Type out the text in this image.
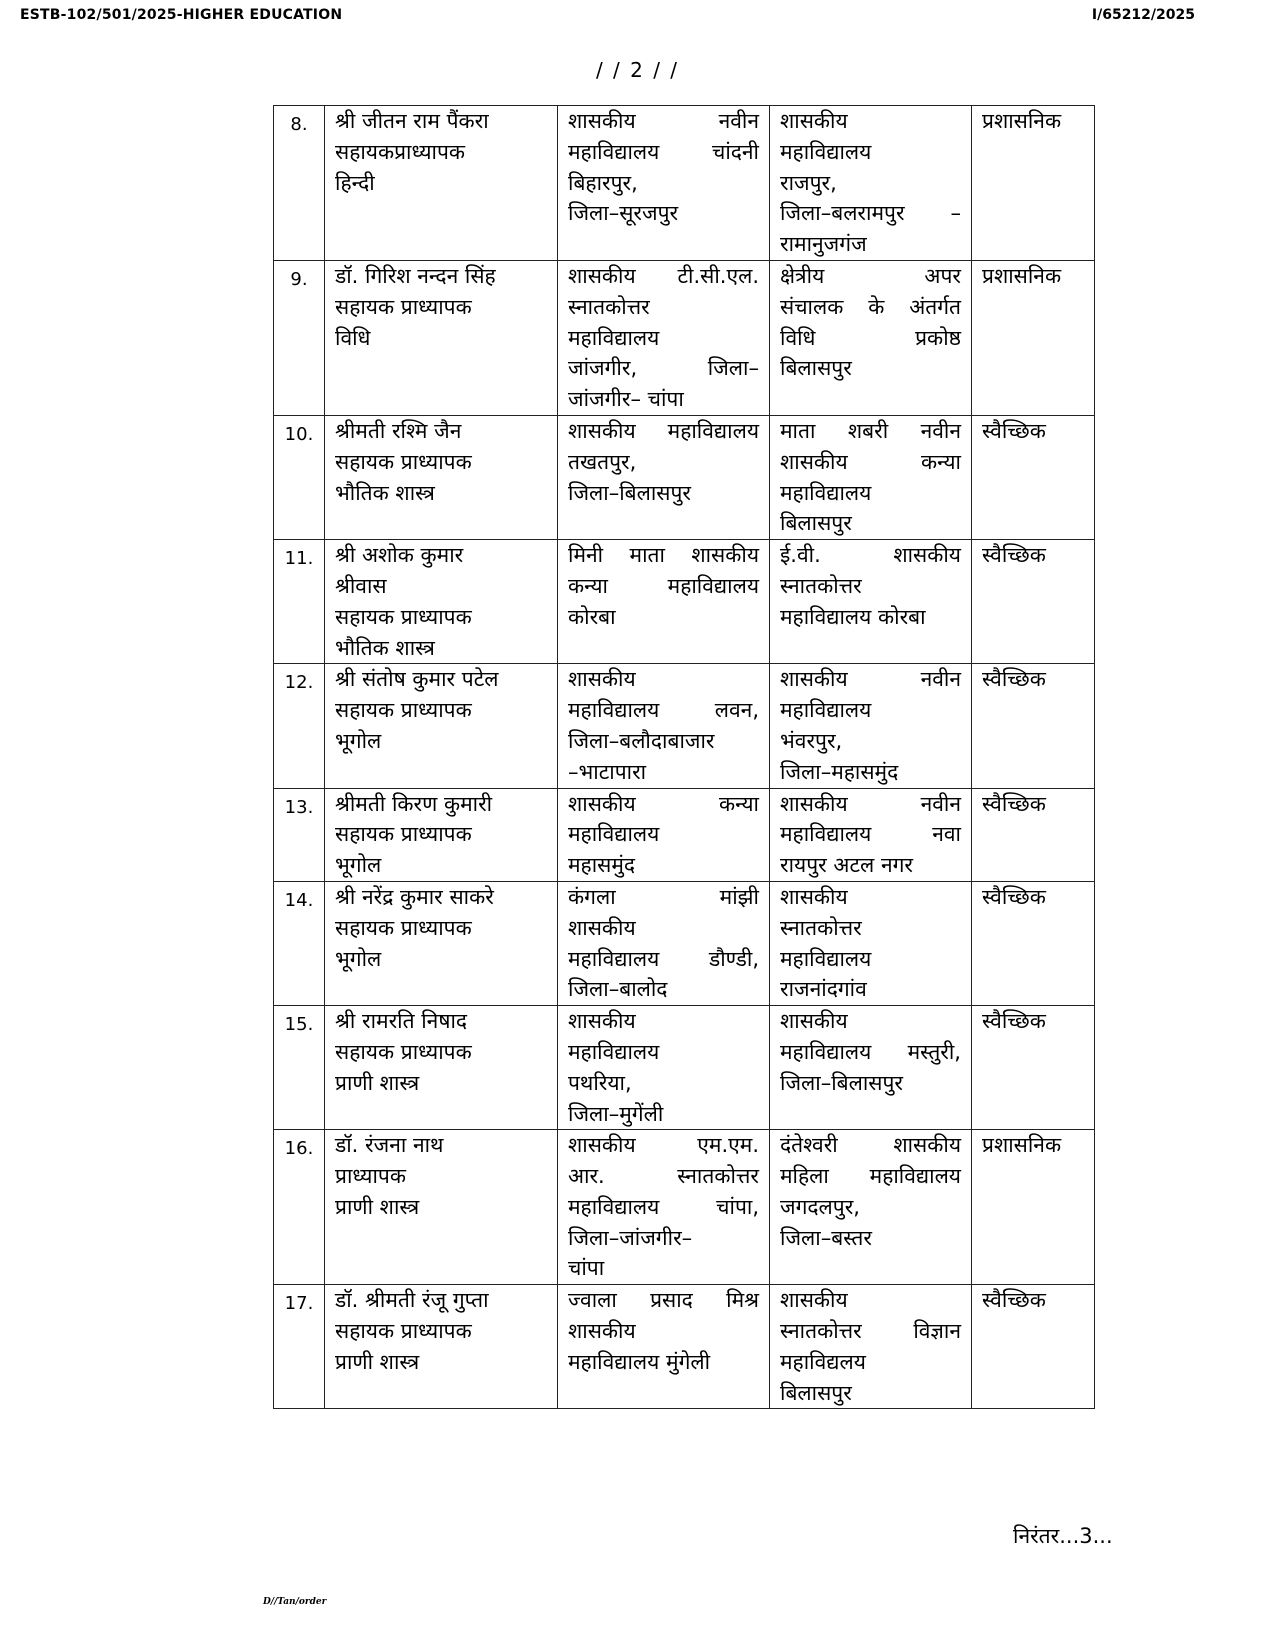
ESTB-102/501/2025-HIGHER EDUCATION	I/65212/2025
/ / 2 / /
8.	श्री जीतन राम पैंकरा
सहायकप्राध्यापक
हिन्दी	शासकीय नवीन
महाविद्यालय चांदनी
बिहारपुर,
जिला–सूरजपुर	शासकीय
महाविद्यालय
राजपुर,
जिला–बलरामपुर –
रामानुजगंज	प्रशासनिक
9.	डॉ. गिरिश नन्दन सिंह
सहायक प्राध्यापक
विधि	शासकीय टी.सी.एल.
स्नातकोत्तर
महाविद्यालय
जांजगीर, जिला–
जांजगीर– चांपा	क्षेत्रीय अपर
संचालक के अंतर्गत
विधि प्रकोष्ठ
बिलासपुर	प्रशासनिक
10.	श्रीमती रश्मि जैन
सहायक प्राध्यापक
भौतिक शास्त्र	शासकीय महाविद्यालय
तखतपुर,
जिला–बिलासपुर	माता शबरी नवीन
शासकीय कन्या
महाविद्यालय
बिलासपुर	स्वैच्छिक
11.	श्री अशोक कुमार
श्रीवास
सहायक प्राध्यापक
भौतिक शास्त्र	मिनी माता शासकीय
कन्या महाविद्यालय
कोरबा	ई.वी. शासकीय
स्नातकोत्तर
महाविद्यालय कोरबा	स्वैच्छिक
12.	श्री संतोष कुमार पटेल
सहायक प्राध्यापक
भूगोल	शासकीय
महाविद्यालय लवन,
जिला–बलौदाबाजार
–भाटापारा	शासकीय नवीन
महाविद्यालय
भंवरपुर,
जिला–महासमुंद	स्वैच्छिक
13.	श्रीमती किरण कुमारी
सहायक प्राध्यापक
भूगोल	शासकीय कन्या
महाविद्यालय
महासमुंद	शासकीय नवीन
महाविद्यालय नवा
रायपुर अटल नगर	स्वैच्छिक
14.	श्री नरेंद्र कुमार साकरे
सहायक प्राध्यापक
भूगोल	कंगला मांझी
शासकीय
महाविद्यालय डौण्डी,
जिला–बालोद	शासकीय
स्नातकोत्तर
महाविद्यालय
राजनांदगांव	स्वैच्छिक
15.	श्री रामरति निषाद
सहायक प्राध्यापक
प्राणी शास्त्र	शासकीय
महाविद्यालय
पथरिया,
जिला–मुगेंली	शासकीय
महाविद्यालय मस्तुरी,
जिला–बिलासपुर	स्वैच्छिक
16.	डॉ. रंजना नाथ
प्राध्यापक
प्राणी शास्त्र	शासकीय एम.एम.
आर. स्नातकोत्तर
महाविद्यालय चांपा,
जिला–जांजगीर–
चांपा	दंतेश्वरी शासकीय
महिला महाविद्यालय
जगदलपुर,
जिला–बस्तर	प्रशासनिक
17.	डॉ. श्रीमती रंजू गुप्ता
सहायक प्राध्यापक
प्राणी शास्त्र	ज्वाला प्रसाद मिश्र
शासकीय
महाविद्यालय मुंगेली	शासकीय
स्नातकोत्तर विज्ञान
महाविद्यलय
बिलासपुर	स्वैच्छिक
निरंतर...3...
D//Tan/order
